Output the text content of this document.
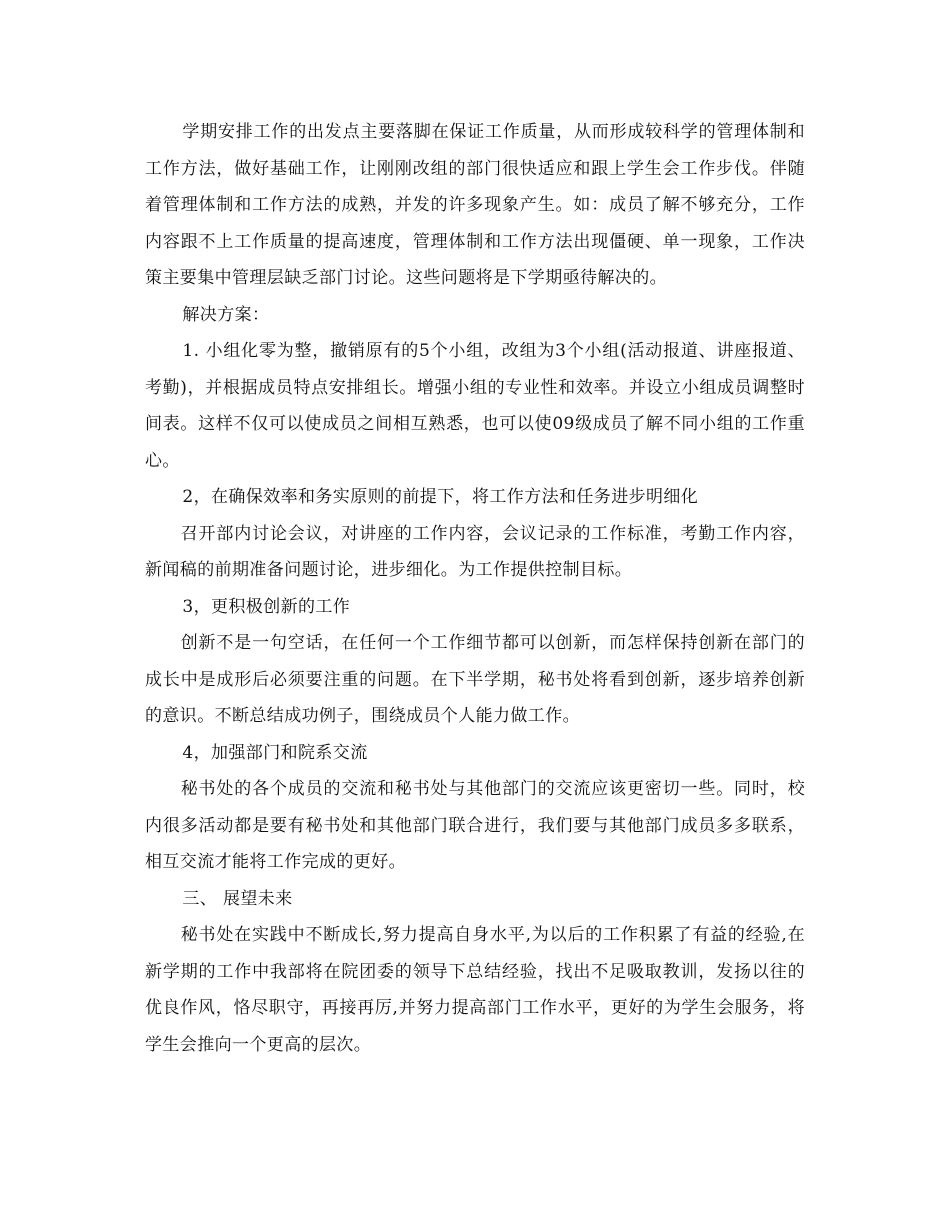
学期安排工作的出发点主要落脚在保证工作质量，从而形成较科学的管理体制和工作方法，做好基础工作，让刚刚改组的部门很快适应和跟上学生会工作步伐。伴随着管理体制和工作方法的成熟，并发的许多现象产生。如：成员了解不够充分，工作内容跟不上工作质量的提高速度，管理体制和工作方法出现僵硬、单一现象，工作决策主要集中管理层缺乏部门讨论。这些问题将是下学期亟待解决的。

解决方案：

1. 小组化零为整，撤销原有的5个小组，改组为3个小组(活动报道、讲座报道、考勤)，并根据成员特点安排组长。增强小组的专业性和效率。并设立小组成员调整时间表。这样不仅可以使成员之间相互熟悉，也可以使09级成员了解不同小组的工作重心。

2，在确保效率和务实原则的前提下，将工作方法和任务进步明细化

召开部内讨论会议，对讲座的工作内容，会议记录的工作标准，考勤工作内容，新闻稿的前期准备问题讨论，进步细化。为工作提供控制目标。

3，更积极创新的工作

创新不是一句空话，在任何一个工作细节都可以创新，而怎样保持创新在部门的成长中是成形后必须要注重的问题。在下半学期，秘书处将看到创新，逐步培养创新的意识。不断总结成功例子，围绕成员个人能力做工作。

4，加强部门和院系交流

秘书处的各个成员的交流和秘书处与其他部门的交流应该更密切一些。同时，校内很多活动都是要有秘书处和其他部门联合进行，我们要与其他部门成员多多联系，相互交流才能将工作完成的更好。

三、 展望未来

秘书处在实践中不断成长,努力提高自身水平,为以后的工作积累了有益的经验,在新学期的工作中我部将在院团委的领导下总结经验，找出不足吸取教训，发扬以往的优良作风，恪尽职守，再接再厉,并努力提高部门工作水平，更好的为学生会服务，将学生会推向一个更高的层次。
